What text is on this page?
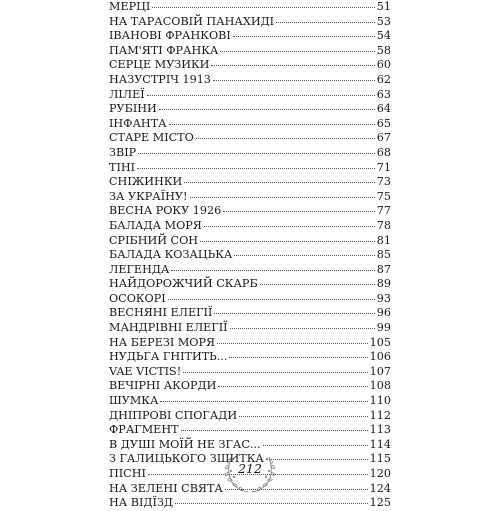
МЕРЦІ	51
НА ТАРАСОВІЙ ПАНАХИДІ	53
ІВАНОВІ ФРАНКОВІ	54
ПАМ'ЯТІ ФРАНКА	58
СЕРЦЕ МУЗИКИ	60
НАЗУСТРІЧ 1913	62
ЛІЛЕЇ	63
РУБІНИ	64
ІНФАНТА	65
СТАРЕ МІСТО	67
ЗВІР	68
ТІНІ	71
СНІЖИНКИ	73
ЗА УКРАЇНУ!	75
ВЕСНА РОКУ 1926	77
БАЛАДА МОРЯ	78
СРІБНИЙ СОН	81
БАЛАДА КОЗАЦЬКА	85
ЛЕГЕНДА	87
НАЙДОРОЖЧИЙ СКАРБ	89
ОСОКОРІ	93
ВЕСНЯНІ ЕЛЕГІЇ	96
МАНДРІВНІ ЕЛЕГІЇ	99
НА БЕРЕЗІ МОРЯ	105
НУДЬГА ГНІТИТЬ...	106
VAE VICTIS!	107
ВЕЧІРНІ АКОРДИ	108
ШУМКА	110
ДНІПРОВІ СПОГАДИ	112
ФРАГМЕНТ	113
В ДУШІ МОЇЙ НЕ ЗГАС...	114
З ГАЛИЦЬКОГО ЗШИТКА	115
ПІСНІ	120
НА ЗЕЛЕНІ СВЯТА	124
НА ВІДЇЗД	125
212
